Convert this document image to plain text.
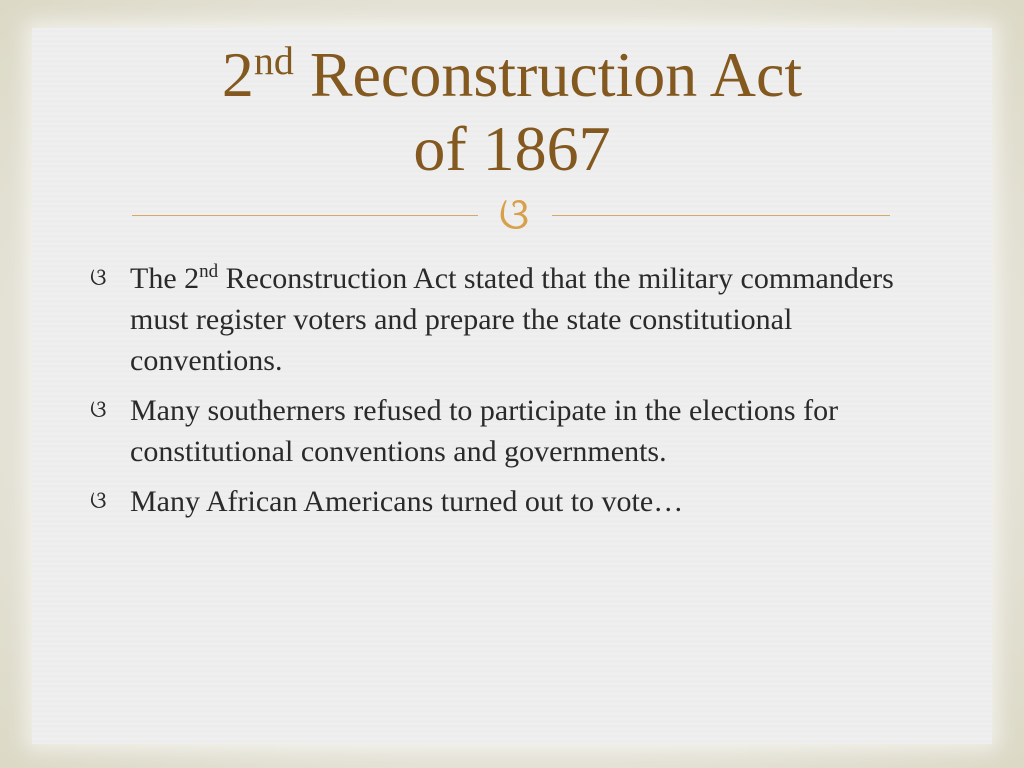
2nd Reconstruction Act
of 1867
ଓ
ଓ The 2nd Reconstruction Act stated that the military commanders must register voters and prepare the state constitutional conventions.
ଓ Many southerners refused to participate in the elections for constitutional conventions and governments.
ଓ Many African Americans turned out to vote…
